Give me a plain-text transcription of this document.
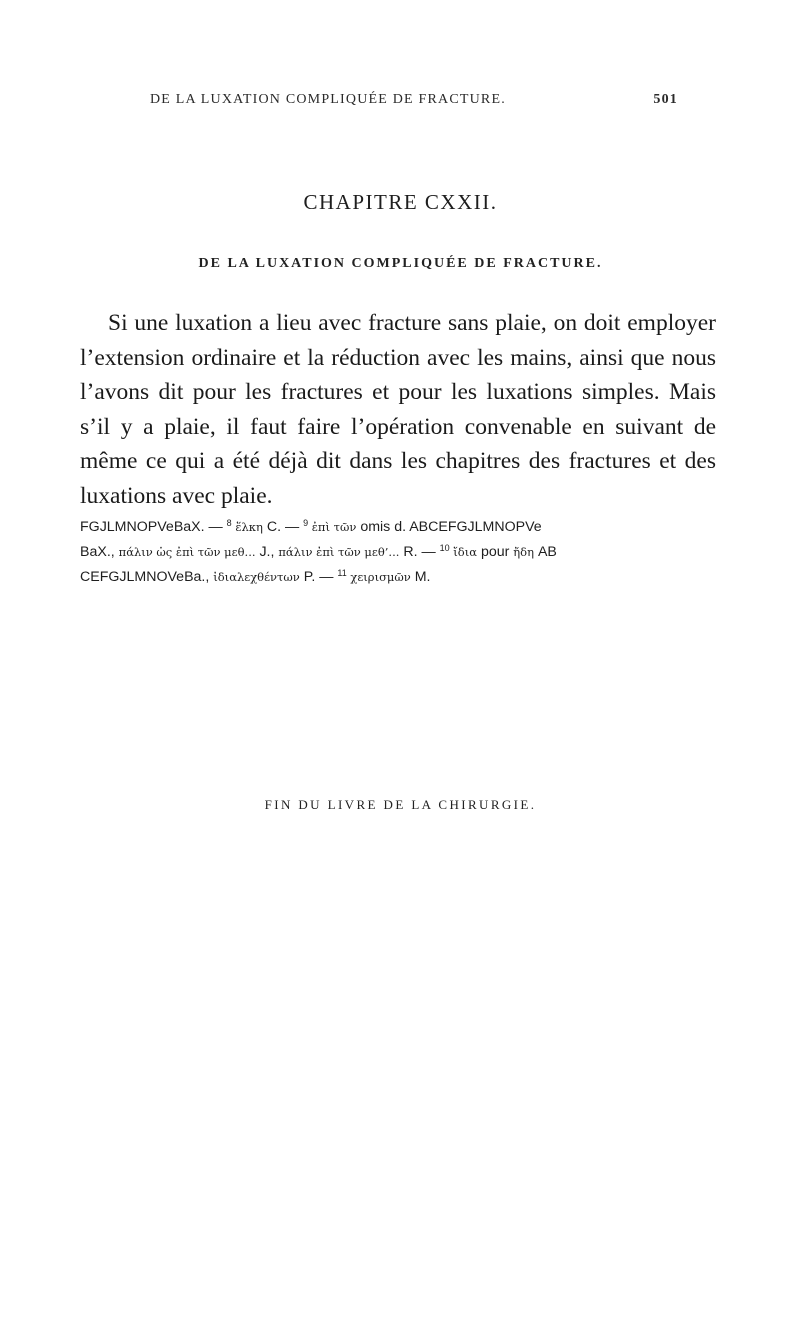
DE LA LUXATION COMPLIQUÉE DE FRACTURE.	501
CHAPITRE CXXII.
DE LA LUXATION COMPLIQUÉE DE FRACTURE.

Si une luxation a lieu avec fracture sans plaie, on doit employer l’extension ordinaire et la réduction avec les mains, ainsi que nous l’avons dit pour les fractures et pour les luxations simples. Mais s’il y a plaie, il faut faire l’opération convenable en suivant de même ce qui a été déjà dit dans les chapitres des fractures et des luxations avec plaie.

FGJLMNOPVeBaX. — $^8$ ἕλκη C. — $^9$ ἐπὶ τῶν omis d. ABCEFGJLMNOPVe
BaX., πάλιν ὡς ἐπὶ τῶν μεθ... J., πάλιν ἐπὶ τῶν μεθ’... R. — $^{10}$ ἴδια pour ἤδη AB
CEFGJLMNOVeBa., ἰδιαλεχθέντων P. — $^{11}$ χειρισμῶν M.
FIN DU LIVRE DE LA CHIRURGIE.
